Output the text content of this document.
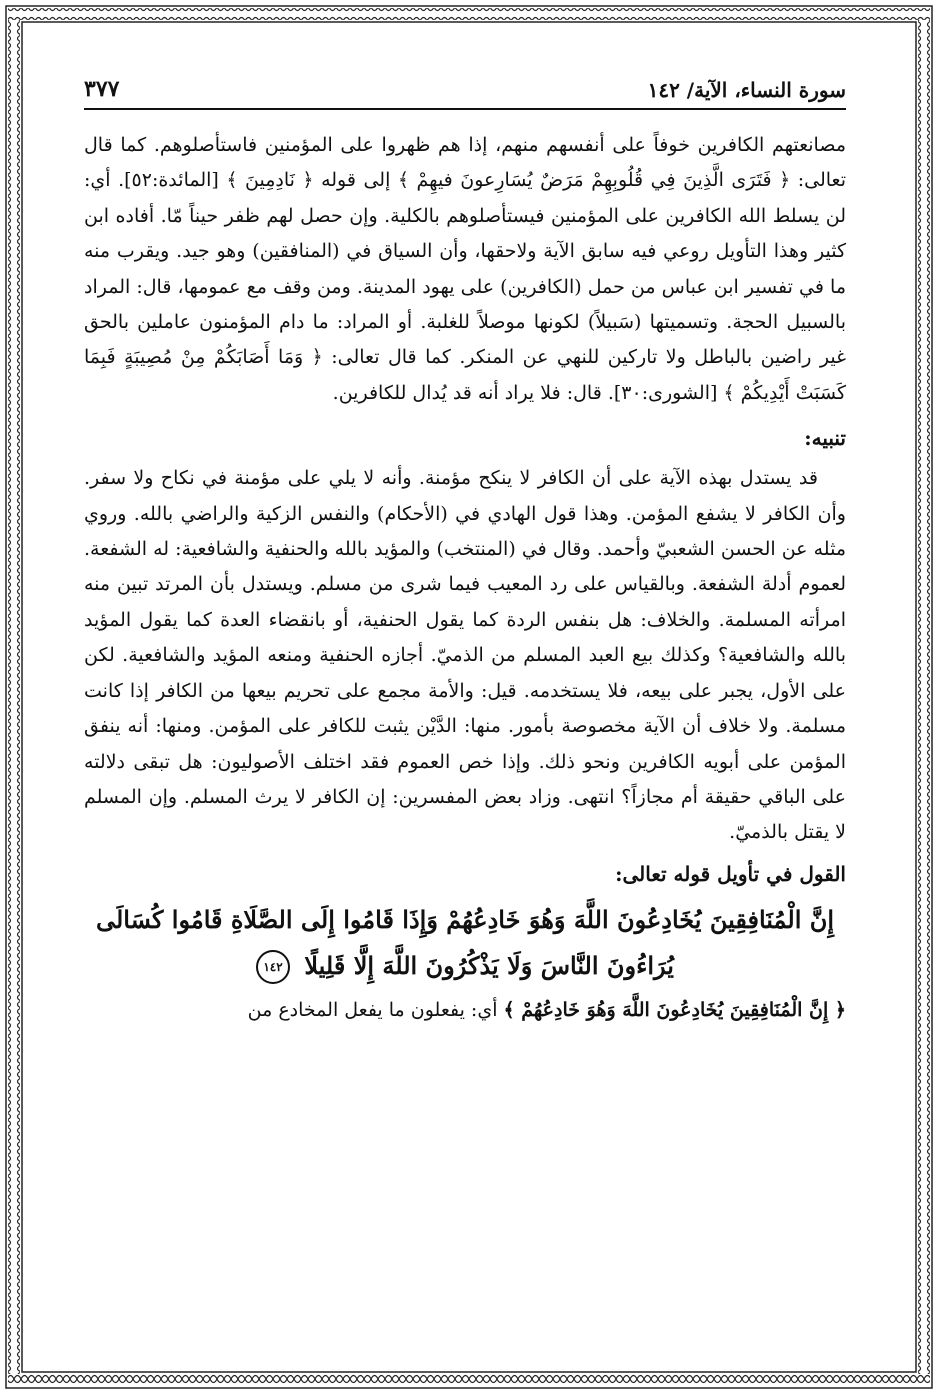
سورة النساء، الآية/ ١٤٢
٣٧٧

مصانعتهم الكافرين خوفاً على أنفسهم منهم، إذا هم ظهروا على المؤمنين فاستأصلوهم. كما قال تعالى: ﴿ فَتَرَى الَّذِينَ فِي قُلُوبِهِمْ مَرَضٌ يُسَارِعونَ فيهِمْ ﴾ إلى قوله ﴿ نَادِمِينَ ﴾ [المائدة:٥٢]. أي: لن يسلط الله الكافرين على المؤمنين فيستأصلوهم بالكلية. وإن حصل لهم ظفر حيناً مّا. أفاده ابن كثير وهذا التأويل روعي فيه سابق الآية ولاحقها، وأن السياق في (المنافقين) وهو جيد. ويقرب منه ما في تفسير ابن عباس من حمل (الكافرين) على يهود المدينة. ومن وقف مع عمومها، قال: المراد بالسبيل الحجة. وتسميتها (سَبيلاً) لكونها موصلاً للغلبة. أو المراد: ما دام المؤمنون عاملين بالحق غير راضين بالباطل ولا تاركين للنهي عن المنكر. كما قال تعالى: ﴿ وَمَا أَصَابَكُمْ مِنْ مُصِيبَةٍ فَبِمَا كَسَبَتْ أَيْدِيكُمْ ﴾ [الشورى:٣٠]. قال: فلا يراد أنه قد يُدال للكافرين.

تنبيه:

قد يستدل بهذه الآية على أن الكافر لا ينكح مؤمنة. وأنه لا يلي على مؤمنة في نكاح ولا سفر. وأن الكافر لا يشفع المؤمن. وهذا قول الهادي في (الأحكام) والنفس الزكية والراضي بالله. وروي مثله عن الحسن الشعبيّ وأحمد. وقال في (المنتخب) والمؤيد بالله والحنفية والشافعية: له الشفعة. لعموم أدلة الشفعة. وبالقياس على رد المعيب فيما شرى من مسلم. ويستدل بأن المرتد تبين منه امرأته المسلمة. والخلاف: هل بنفس الردة كما يقول الحنفية، أو بانقضاء العدة كما يقول المؤيد بالله والشافعية؟ وكذلك بيع العبد المسلم من الذميّ. أجازه الحنفية ومنعه المؤيد والشافعية. لكن على الأول، يجبر على بيعه، فلا يستخدمه. قيل: والأمة مجمع على تحريم بيعها من الكافر إذا كانت مسلمة. ولا خلاف أن الآية مخصوصة بأمور. منها: الدَّيْن يثبت للكافر على المؤمن. ومنها: أنه ينفق المؤمن على أبويه الكافرين ونحو ذلك. وإذا خص العموم فقد اختلف الأصوليون: هل تبقى دلالته على الباقي حقيقة أم مجازاً؟ انتهى. وزاد بعض المفسرين: إن الكافر لا يرث المسلم. وإن المسلم لا يقتل بالذميّ.

القول في تأويل قوله تعالى:
إِنَّ الْمُنَافِقِينَ يُخَادِعُونَ اللَّهَ وَهُوَ خَادِعُهُمْ وَإِذَا قَامُوا إِلَى الصَّلَاةِ قَامُوا كُسَالَى
يُرَاءُونَ النَّاسَ وَلَا يَذْكُرُونَ اللَّهَ إِلَّا قَلِيلًا ١٤٢
﴿ إِنَّ الْمُنَافِقِينَ يُخَادِعُونَ اللَّهَ وَهُوَ خَادِعُهُمْ ﴾ أي: يفعلون ما يفعل المخادع من
